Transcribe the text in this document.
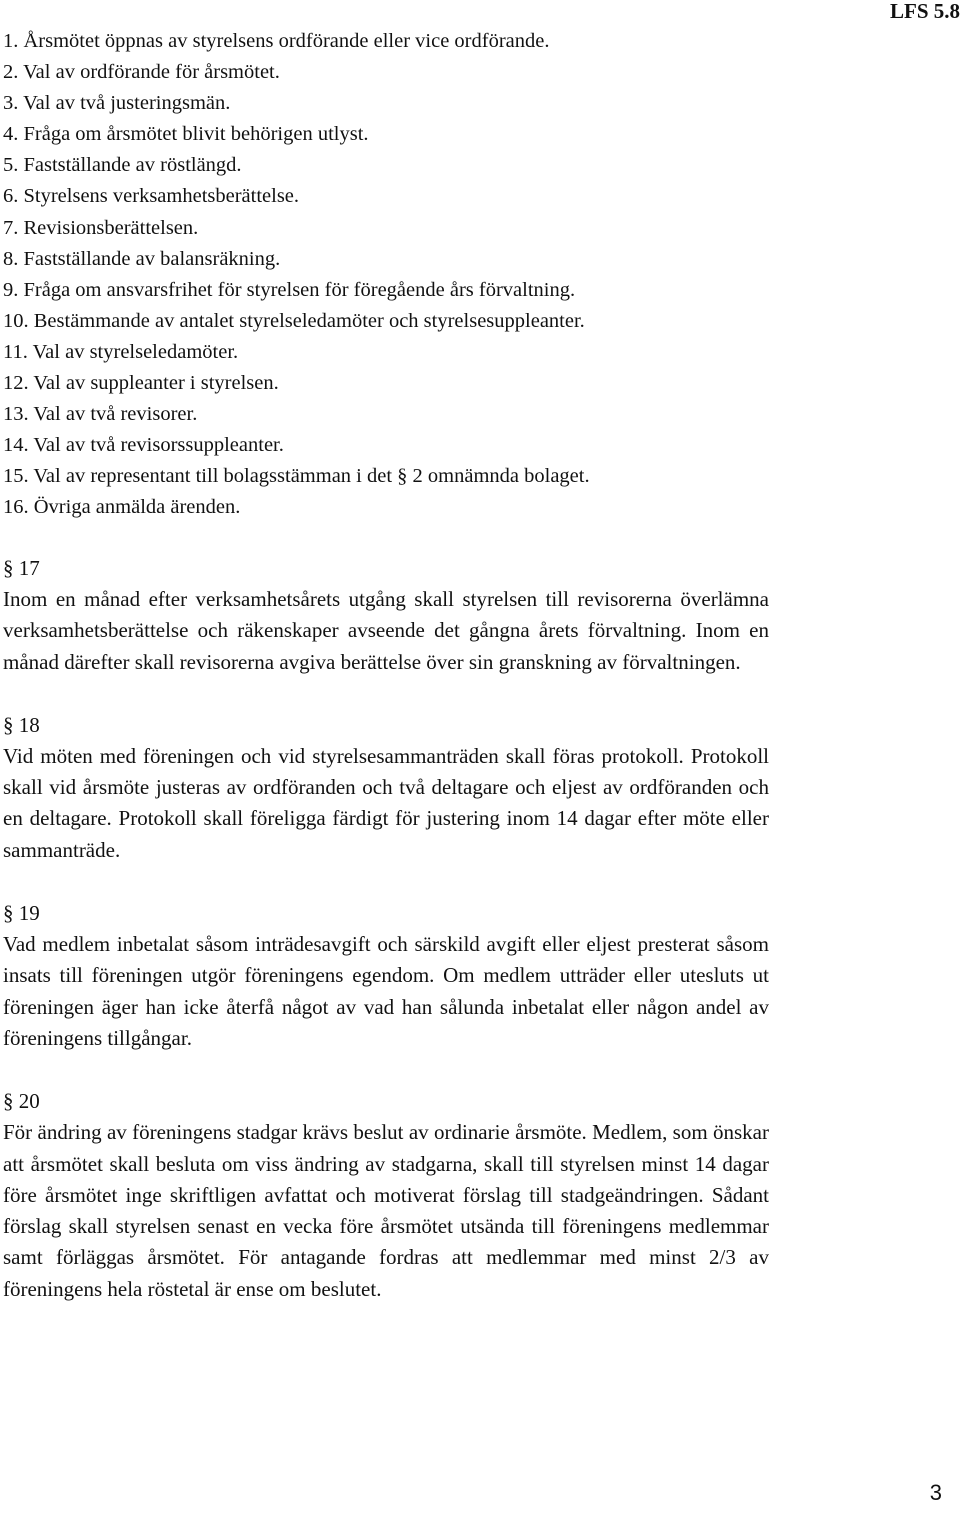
LFS 5.8
1. Årsmötet öppnas av styrelsens ordförande eller vice ordförande.
2. Val av ordförande för årsmötet.
3. Val av två justeringsmän.
4. Fråga om årsmötet blivit behörigen utlyst.
5. Fastställande av röstlängd.
6. Styrelsens verksamhetsberättelse.
7. Revisionsberättelsen.
8. Fastställande av balansräkning.
9. Fråga om ansvarsfrihet för styrelsen för föregående års förvaltning.
10. Bestämmande av antalet styrelseledamöter och styrelsesuppleanter.
11. Val av styrelseledamöter.
12. Val av suppleanter i styrelsen.
13. Val av två revisorer.
14. Val av två revisorssuppleanter.
15. Val av representant till bolagsstämman i det § 2 omnämnda bolaget.
16. Övriga anmälda ärenden.
§ 17

Inom en månad efter verksamhetsårets utgång skall styrelsen till revisorerna överlämna verksamhetsberättelse och räkenskaper avseende det gångna årets förvaltning. Inom en månad därefter skall revisorerna avgiva berättelse över sin granskning av förvaltningen.

§ 18

Vid möten med föreningen och vid styrelsesammanträden skall föras protokoll. Protokoll skall vid årsmöte justeras av ordföranden och två deltagare och eljest av ordföranden och en deltagare. Protokoll skall föreligga färdigt för justering inom 14 dagar efter möte eller sammanträde.

§ 19

Vad medlem inbetalat såsom inträdesavgift och särskild avgift eller eljest presterat såsom insats till föreningen utgör föreningens egendom. Om medlem utträder eller utesluts ut föreningen äger han icke återfå något av vad han sålunda inbetalat eller någon andel av föreningens tillgångar.

§ 20

För ändring av föreningens stadgar krävs beslut av ordinarie årsmöte. Medlem, som önskar att årsmötet skall besluta om viss ändring av stadgarna, skall till styrelsen minst 14 dagar före årsmötet inge skriftligen avfattat och motiverat förslag till stadgeändringen. Sådant förslag skall styrelsen senast en vecka före årsmötet utsända till föreningens medlemmar samt förläggas årsmötet. För antagande fordras att medlemmar med minst 2/3 av föreningens hela röstetal är ense om beslutet.

3
